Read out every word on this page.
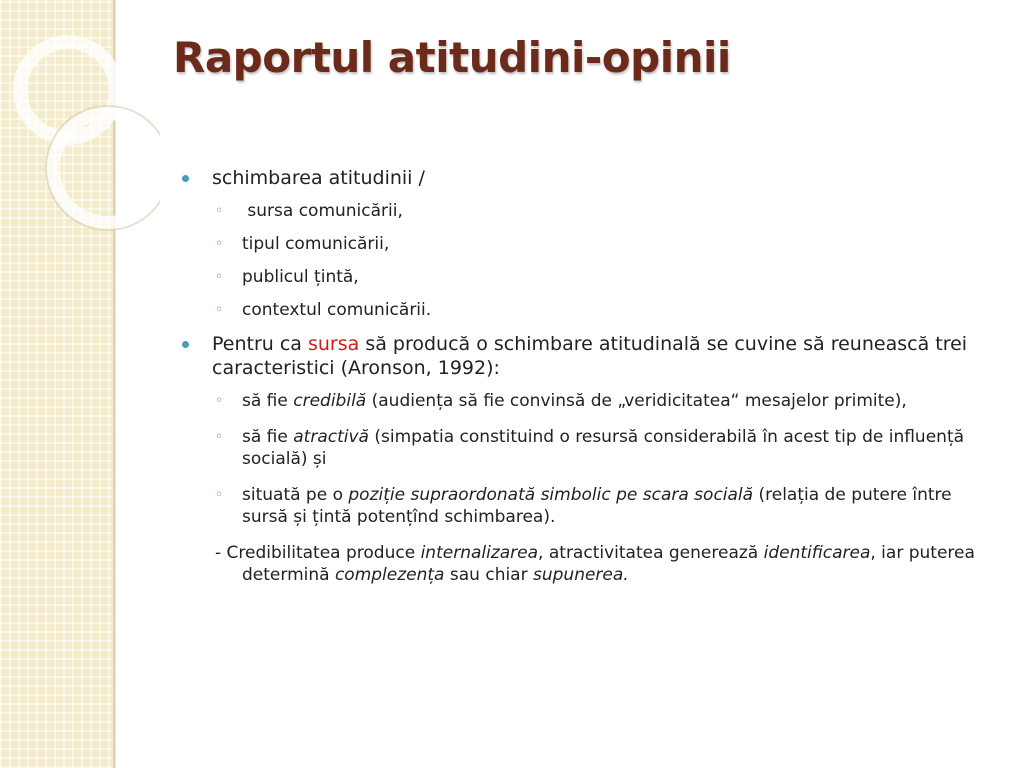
Raportul atitudini-opinii
schimbarea atitudinii /
◦ sursa comunicării,
◦ tipul comunicării,
◦ publicul țintă,
◦ contextul comunicării.
Pentru ca sursa să producă o schimbare atitudinală se cuvine să reunească trei caracteristici (Aronson, 1992):
◦ să fie credibilă (audiența să fie convinsă de „veridicitatea“ mesajelor primite),
◦ să fie atractivă (simpatia constituind o resursă considerabilă în acest tip de influență socială) și
◦ situată pe o poziție supraordonată simbolic pe scara socială (relația de putere între sursă și țintă potențînd schimbarea).
- Credibilitatea produce internalizarea, atractivitatea generează identificarea, iar puterea determină complezența sau chiar supunerea.
